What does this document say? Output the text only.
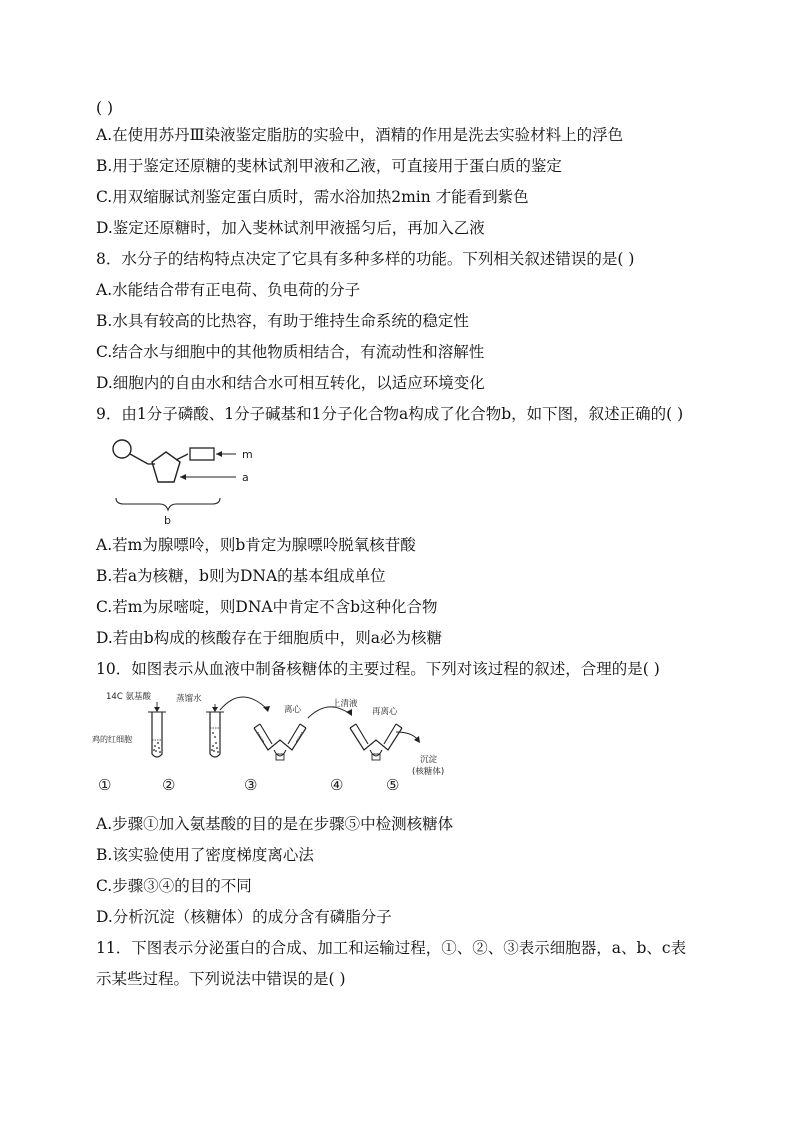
( )
A.在使用苏丹Ⅲ染液鉴定脂肪的实验中，酒精的作用是洗去实验材料上的浮色
B.用于鉴定还原糖的斐林试剂甲液和乙液，可直接用于蛋白质的鉴定
C.用双缩脲试剂鉴定蛋白质时，需水浴加热2min 才能看到紫色
D.鉴定还原糖时，加入斐林试剂甲液摇匀后，再加入乙液
8．水分子的结构特点决定了它具有多种多样的功能。下列相关叙述错误的是( )
A.水能结合带有正电荷、负电荷的分子
B.水具有较高的比热容，有助于维持生命系统的稳定性
C.结合水与细胞中的其他物质相结合，有流动性和溶解性
D.细胞内的自由水和结合水可相互转化，以适应环境变化
9．由1分子磷酸、1分子碱基和1分子化合物a构成了化合物b，如下图，叙述正确的( )
m
a
b
A.若m为腺嘌呤，则b肯定为腺嘌呤脱氧核苷酸
B.若a为核糖，b则为DNA的基本组成单位
C.若m为尿嘧啶，则DNA中肯定不含b这种化合物
D.若由b构成的核酸存在于细胞质中，则a必为核糖
10．如图表示从血液中制备核糖体的主要过程。下列对该过程的叙述，合理的是( )
14C 氨基酸	蒸馏水
鸡的红细胞
离心
上清液
再离心
沉淀
(核糖体)
①	②	③	④	⑤
A.步骤①加入氨基酸的目的是在步骤⑤中检测核糖体
B.该实验使用了密度梯度离心法
C.步骤③④的目的不同
D.分析沉淀（核糖体）的成分含有磷脂分子
11．下图表示分泌蛋白的合成、加工和运输过程，①、②、③表示细胞器，a、b、c表
示某些过程。下列说法中错误的是( )
